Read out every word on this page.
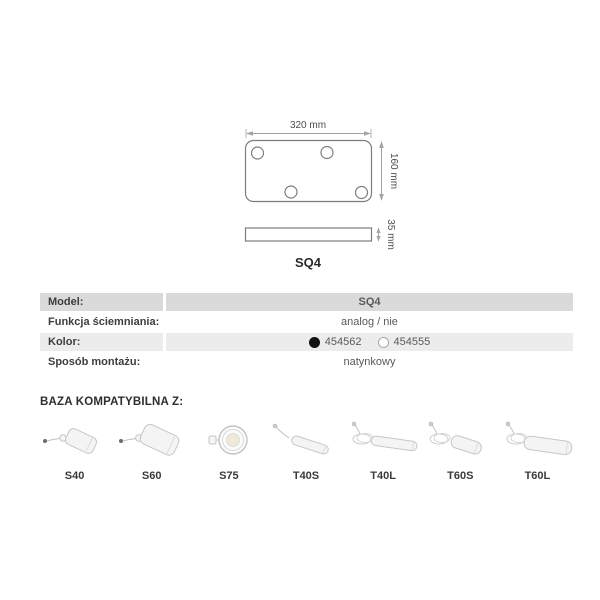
320 mm
160 mm
35 mm
SQ4
Model:	SQ4
Funkcja ściemniania:	analog / nie
Kolor:	454562 454555

Sposób montażu:	natynkowy
BAZA KOMPATYBILNA Z:
S40	S60	S75	T40S	T40L	T60S	T60L
